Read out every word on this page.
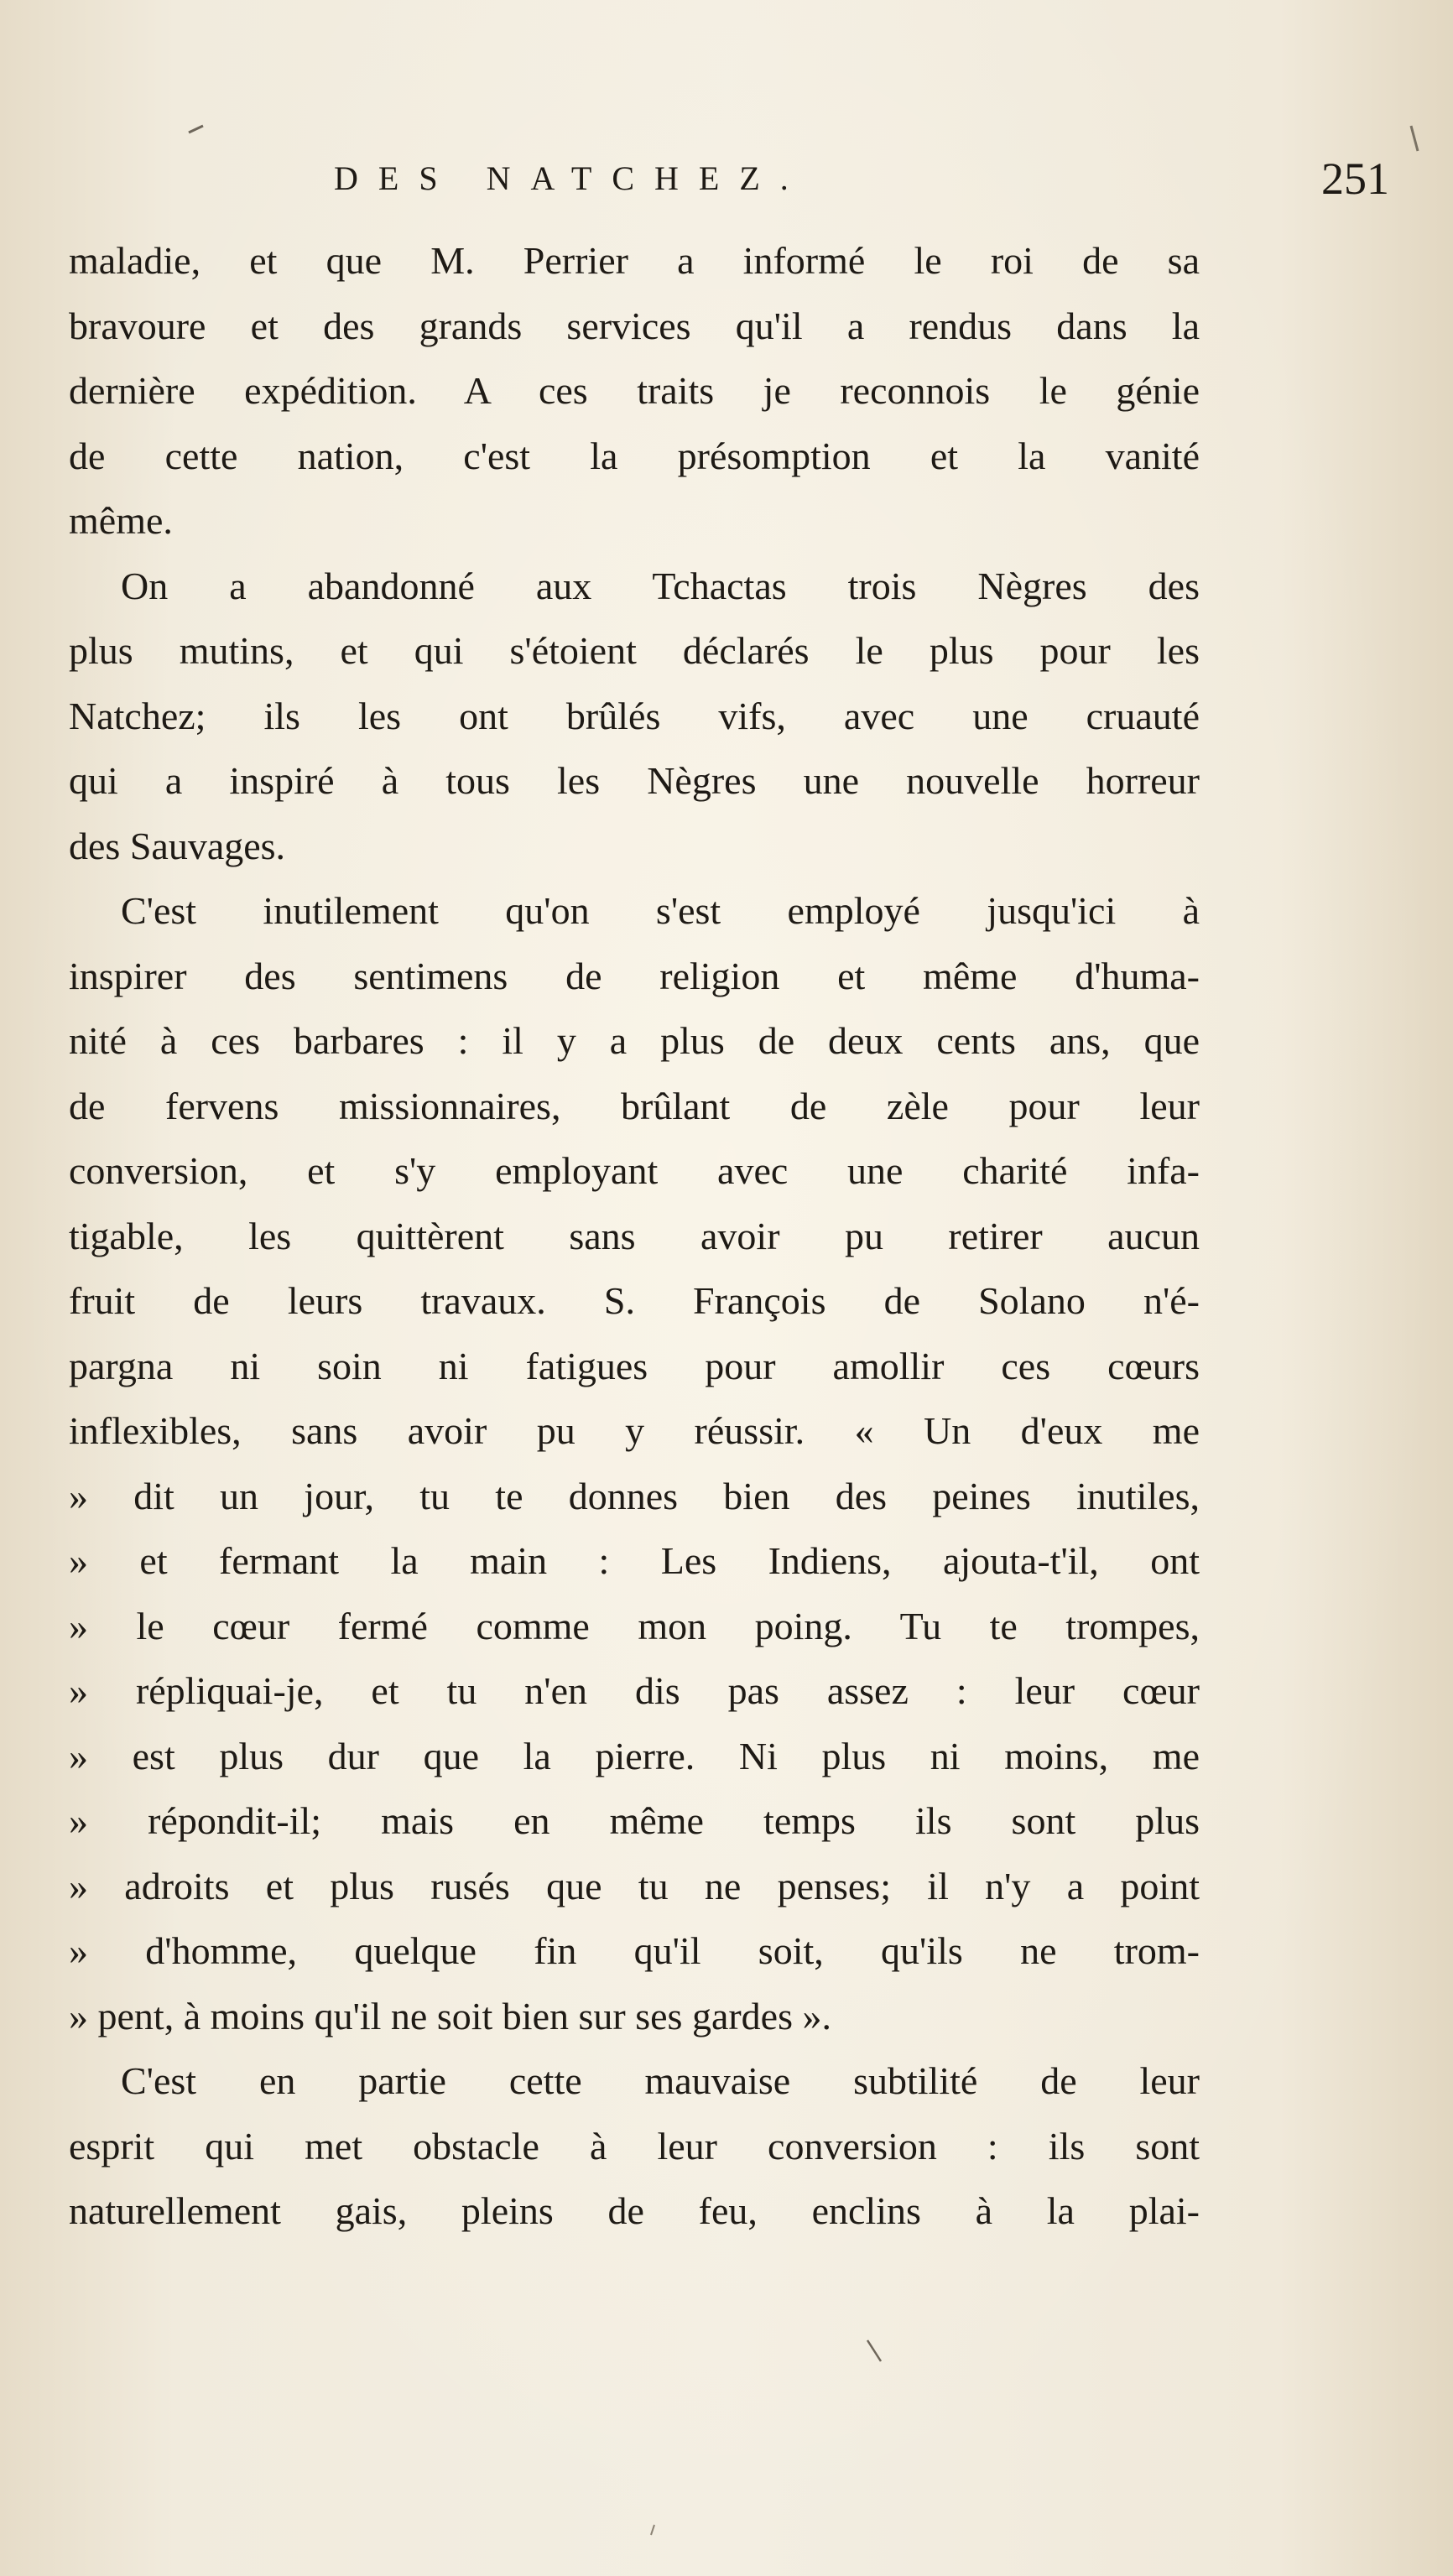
DES NATCHEZ.	251
maladie, et que M. Perrier a informé le roi de sa
bravoure et des grands services qu'il a rendus dans la
dernière expédition. A ces traits je reconnois le génie
de cette nation, c'est la présomption et la vanité
même.
On a abandonné aux Tchactas trois Nègres des
plus mutins, et qui s'étoient déclarés le plus pour les
Natchez; ils les ont brûlés vifs, avec une cruauté
qui a inspiré à tous les Nègres une nouvelle horreur
des Sauvages.
C'est inutilement qu'on s'est employé jusqu'ici à
inspirer des sentimens de religion et même d'huma-
nité à ces barbares : il y a plus de deux cents ans, que
de fervens missionnaires, brûlant de zèle pour leur
conversion, et s'y employant avec une charité infa-
tigable, les quittèrent sans avoir pu retirer aucun
fruit de leurs travaux. S. François de Solano n'é-
pargna ni soin ni fatigues pour amollir ces cœurs
inflexibles, sans avoir pu y réussir. « Un d'eux me
» dit un jour, tu te donnes bien des peines inutiles,
» et fermant la main : Les Indiens, ajouta-t'il, ont
» le cœur fermé comme mon poing. Tu te trompes,
» répliquai-je, et tu n'en dis pas assez : leur cœur
» est plus dur que la pierre. Ni plus ni moins, me
» répondit-il; mais en même temps ils sont plus
» adroits et plus rusés que tu ne penses; il n'y a point
» d'homme, quelque fin qu'il soit, qu'ils ne trom-
» pent, à moins qu'il ne soit bien sur ses gardes ».
C'est en partie cette mauvaise subtilité de leur
esprit qui met obstacle à leur conversion : ils sont
naturellement gais, pleins de feu, enclins à la plai-
